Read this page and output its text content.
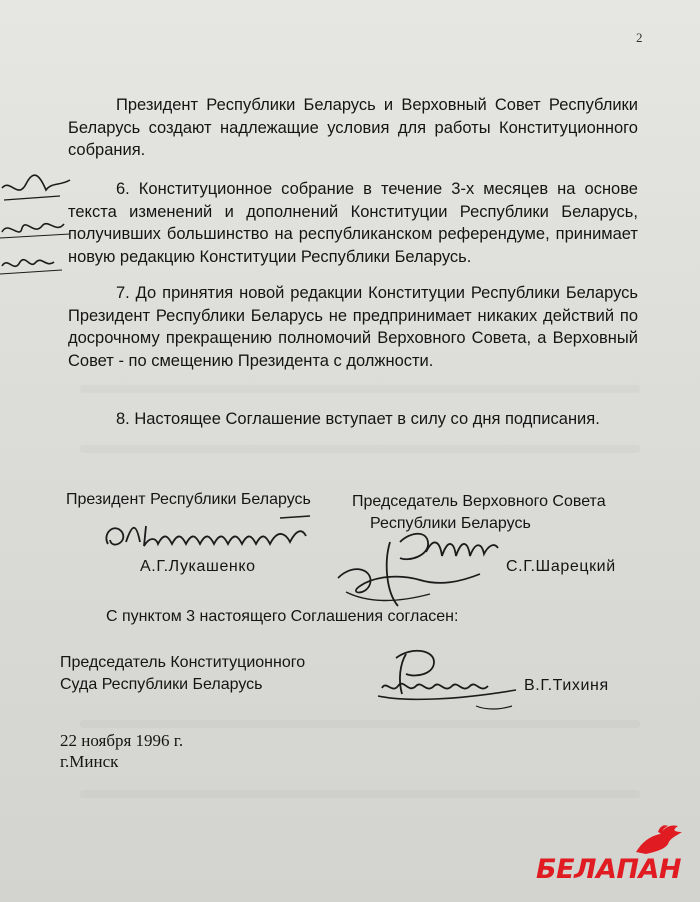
2
Президент Республики Беларусь и Верховный Совет Республики Беларусь создают надлежащие условия для работы Конституционного собрания.
6. Конституционное собрание в течение 3-х месяцев на основе текста изменений и дополнений Конституции Республики Беларусь, получивших большинство на республиканском референдуме, принимает новую редакцию Конституции Республики Беларусь.
7. До принятия новой редакции Конституции Республики Беларусь Президент Республики Беларусь не предпринимает никаких действий по досрочному прекращению полномочий Верховного Совета, а Верховный Совет - по смещению Президента с должности.
8. Настоящее Соглашение вступает в силу со дня подписания.
Президент Республики Беларусь	Председатель Верховного Совета
Республики Беларусь
А.Г.Лукашенко	С.Г.Шарецкий
С пунктом 3 настоящего Соглашения согласен:
Председатель Конституционного
Суда Республики Беларусь	В.Г.Тихиня
22 ноября 1996 г.
г.Минск
БЕЛАПАН
